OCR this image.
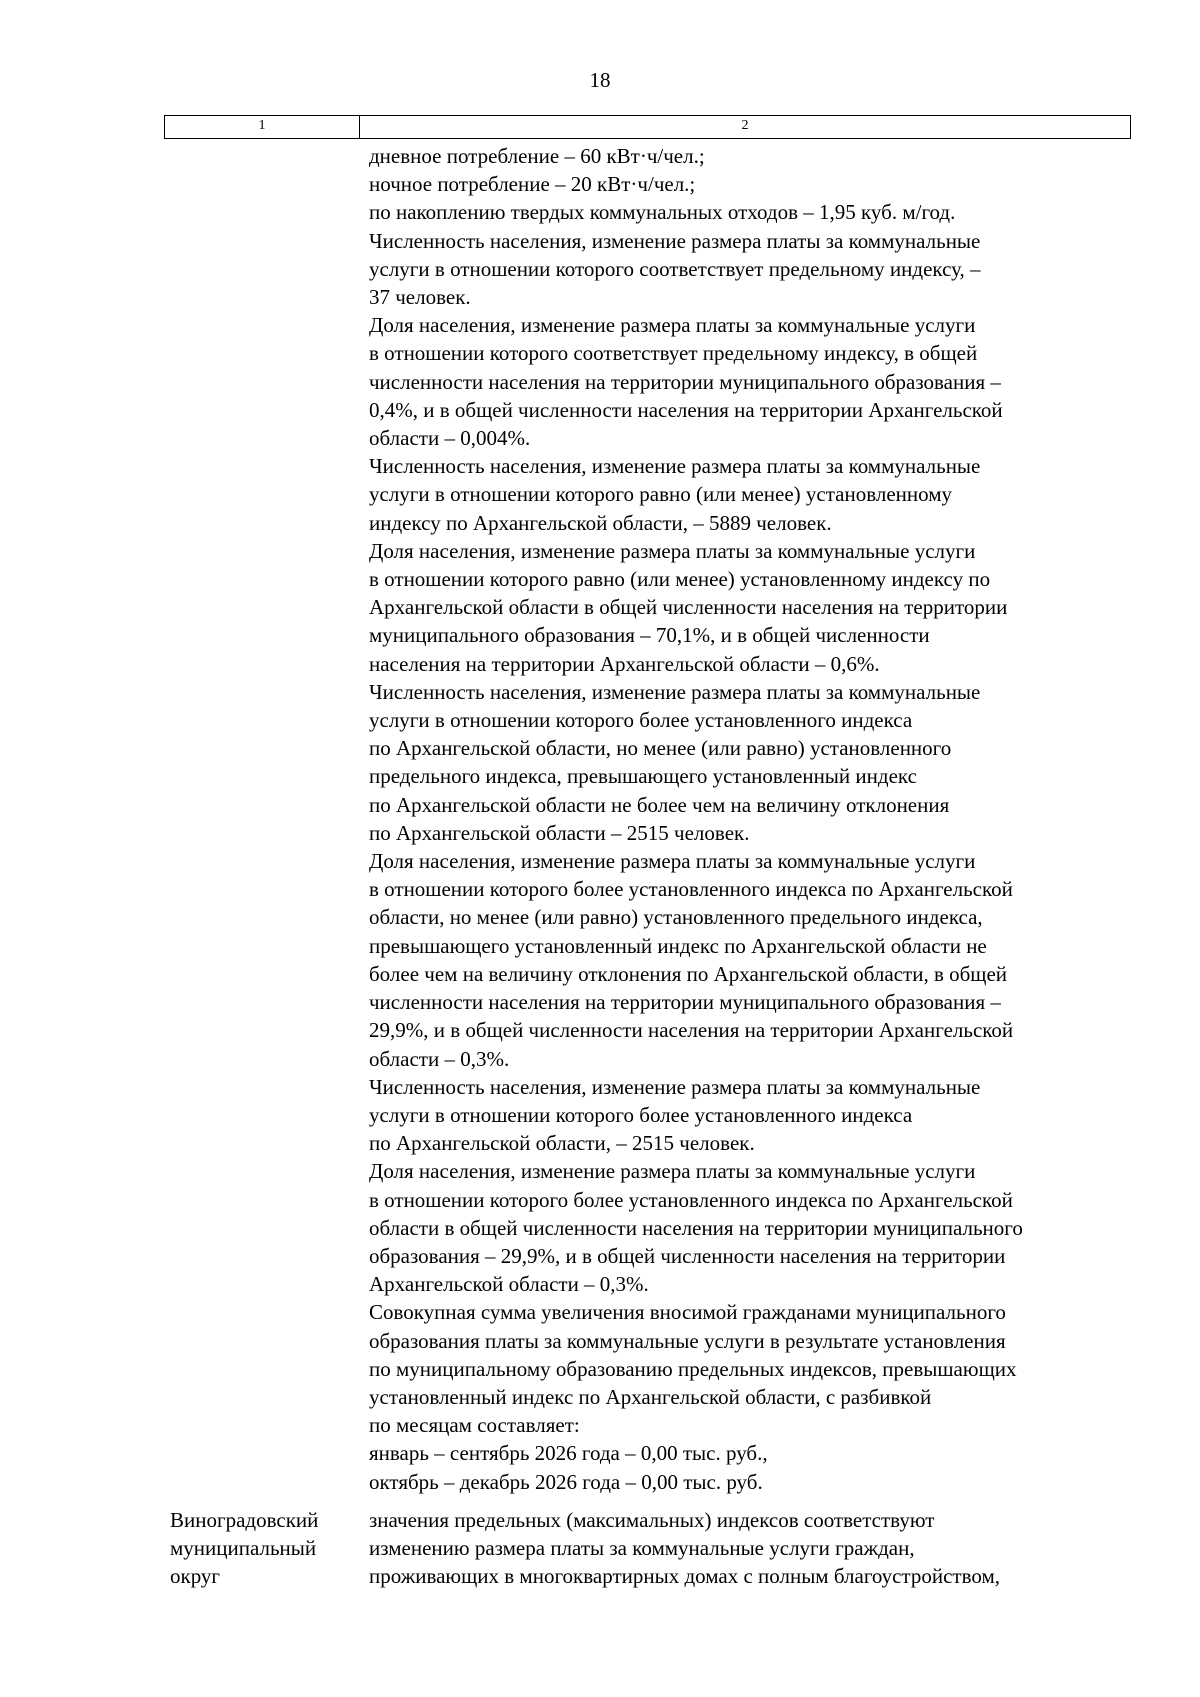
18
1	2
дневное потребление – 60 кВт·ч/чел.;
ночное потребление – 20 кВт·ч/чел.;
по накоплению твердых коммунальных отходов – 1,95 куб. м/год.
Численность населения, изменение размера платы за коммунальные
услуги в отношении которого соответствует предельному индексу, –
37 человек.
Доля населения, изменение размера платы за коммунальные услуги
в отношении которого соответствует предельному индексу, в общей
численности населения на территории муниципального образования –
0,4%, и в общей численности населения на территории Архангельской
области – 0,004%.
Численность населения, изменение размера платы за коммунальные
услуги в отношении которого равно (или менее) установленному
индексу по Архангельской области, – 5889 человек.
Доля населения, изменение размера платы за коммунальные услуги
в отношении которого равно (или менее) установленному индексу по
Архангельской области в общей численности населения на территории
муниципального образования – 70,1%, и в общей численности
населения на территории Архангельской области – 0,6%.
Численность населения, изменение размера платы за коммунальные
услуги в отношении которого более установленного индекса
по Архангельской области, но менее (или равно) установленного
предельного индекса, превышающего установленный индекс
по Архангельской области не более чем на величину отклонения
по Архангельской области – 2515 человек.
Доля населения, изменение размера платы за коммунальные услуги
в отношении которого более установленного индекса по Архангельской
области, но менее (или равно) установленного предельного индекса,
превышающего установленный индекс по Архангельской области не
более чем на величину отклонения по Архангельской области, в общей
численности населения на территории муниципального образования –
29,9%, и в общей численности населения на территории Архангельской
области – 0,3%.
Численность населения, изменение размера платы за коммунальные
услуги в отношении которого более установленного индекса
по Архангельской области, – 2515 человек.
Доля населения, изменение размера платы за коммунальные услуги
в отношении которого более установленного индекса по Архангельской
области в общей численности населения на территории муниципального
образования – 29,9%, и в общей численности населения на территории
Архангельской области – 0,3%.
Совокупная сумма увеличения вносимой гражданами муниципального
образования платы за коммунальные услуги в результате установления
по муниципальному образованию предельных индексов, превышающих
установленный индекс по Архангельской области, с разбивкой
по месяцам составляет:
январь – сентябрь 2026 года – 0,00 тыс. руб.,
октябрь – декабрь 2026 года – 0,00 тыс. руб.
Виноградовский
муниципальный
округ
значения предельных (максимальных) индексов соответствуют
изменению размера платы за коммунальные услуги граждан,
проживающих в многоквартирных домах с полным благоустройством,
